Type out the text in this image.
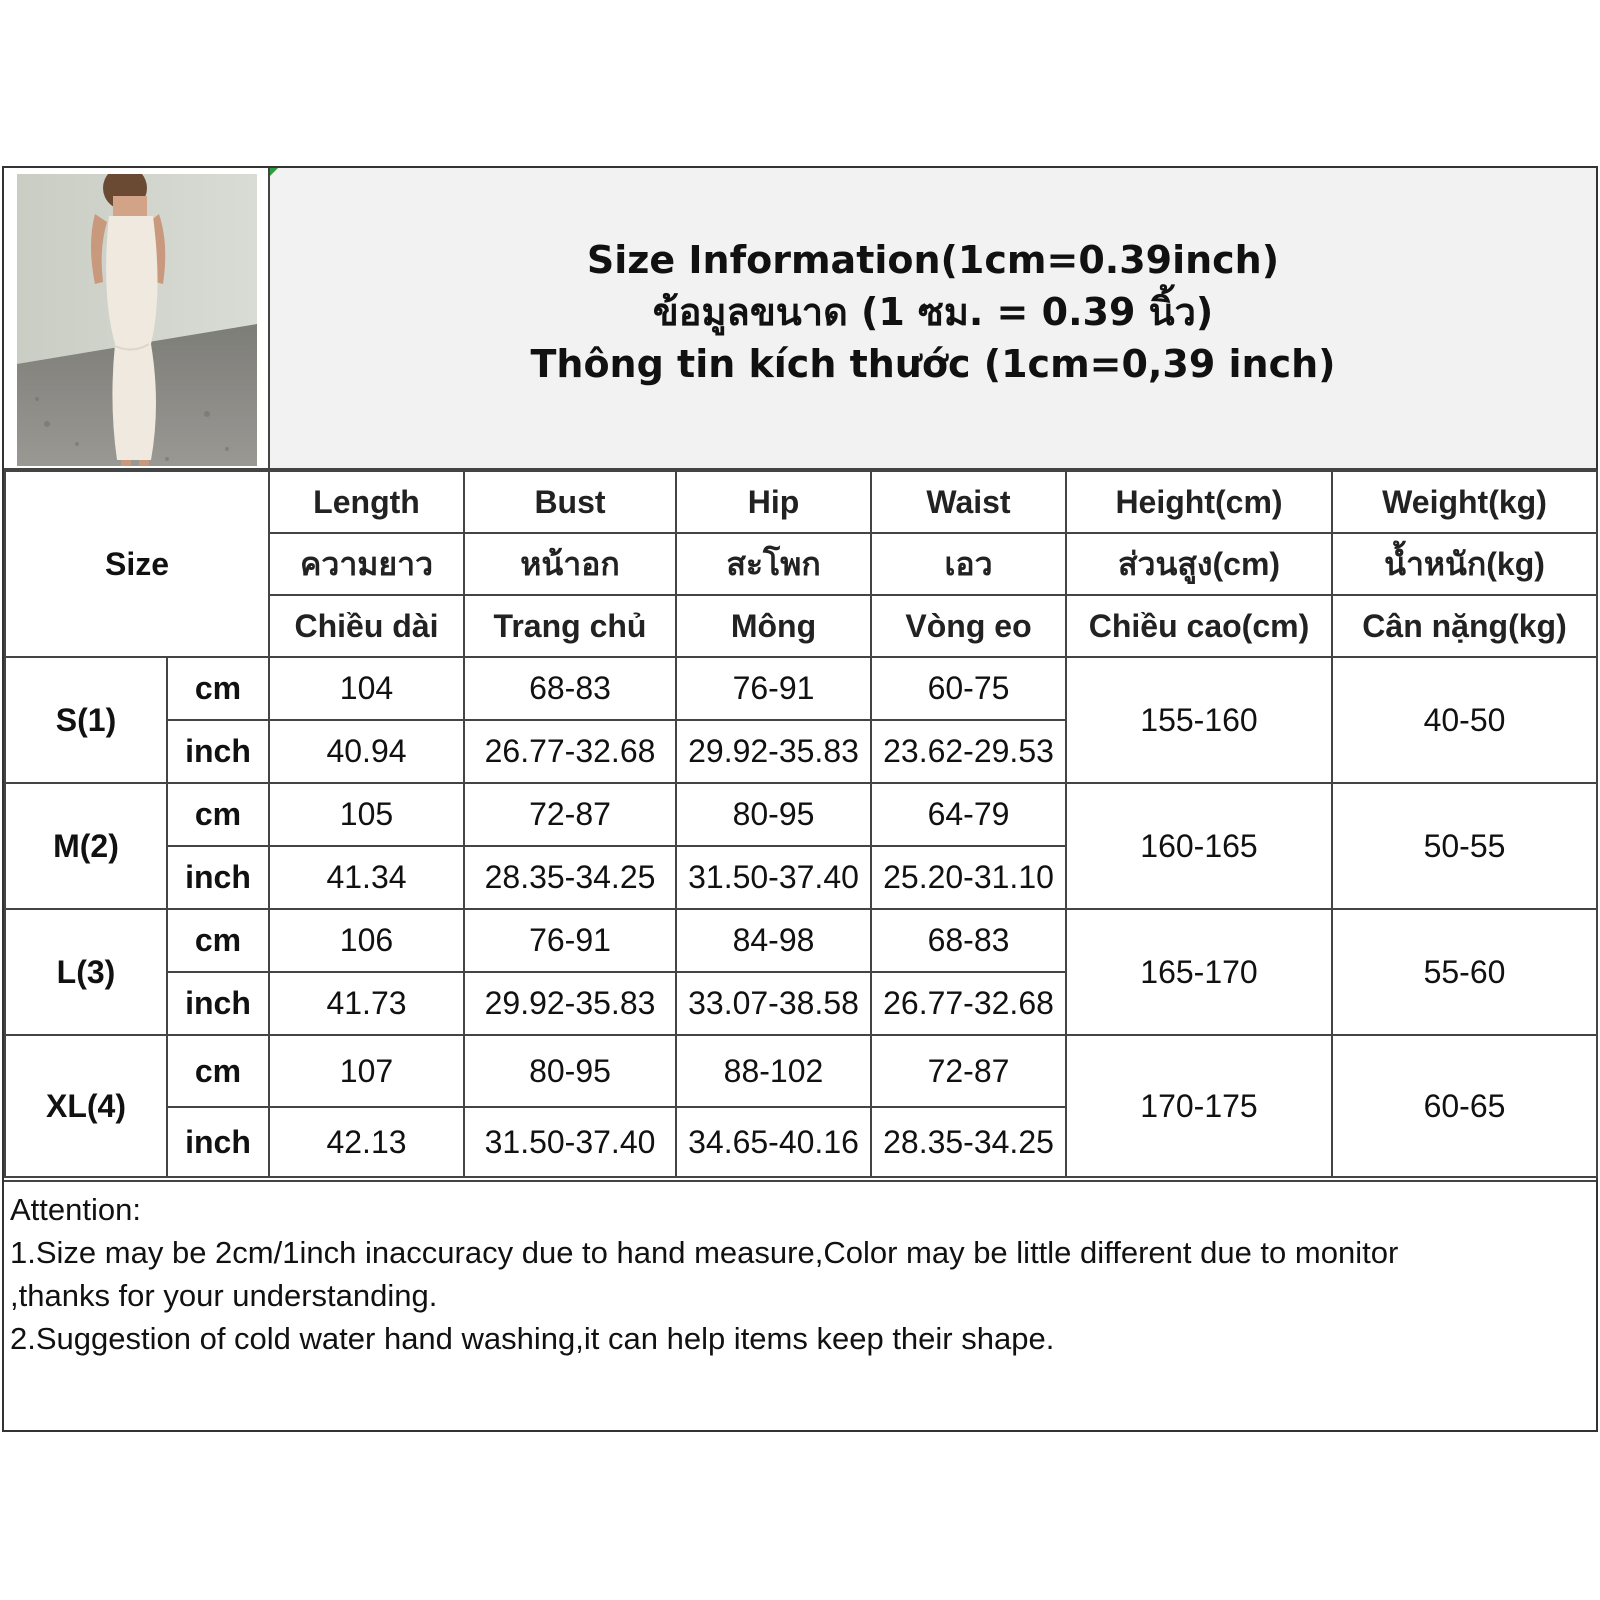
Size Information(1cm=0.39inch)
ข้อมูลขนาด (1 ซม. = 0.39 นิ้ว)
Thông tin kích thước (1cm=0,39 inch)
Size		Length	Bust	Hip	Waist	Height(cm)	Weight(kg)
		ความยาว	หน้าอก	สะโพก	เอว	ส่วนสูง(cm)	น้ำหนัก(kg)
		Chiều dài	Trang chủ	Mông	Vòng eo	Chiều cao(cm)	Cân nặng(kg)
S(1)	cm	104	68-83	76-91	60-75	155-160	40-50
	inch	40.94	26.77-32.68	29.92-35.83	23.62-29.53		
M(2)	cm	105	72-87	80-95	64-79	160-165	50-55
	inch	41.34	28.35-34.25	31.50-37.40	25.20-31.10		
L(3)	cm	106	76-91	84-98	68-83	165-170	55-60
	inch	41.73	29.92-35.83	33.07-38.58	26.77-32.68		
XL(4)	cm	107	80-95	88-102	72-87	170-175	60-65
	inch	42.13	31.50-37.40	34.65-40.16	28.35-34.25		
Attention:
1.Size may be 2cm/1inch inaccuracy due to hand measure,Color may be little different due to monitor
,thanks for your understanding.
2.Suggestion of cold water hand washing,it can help items keep their shape.
